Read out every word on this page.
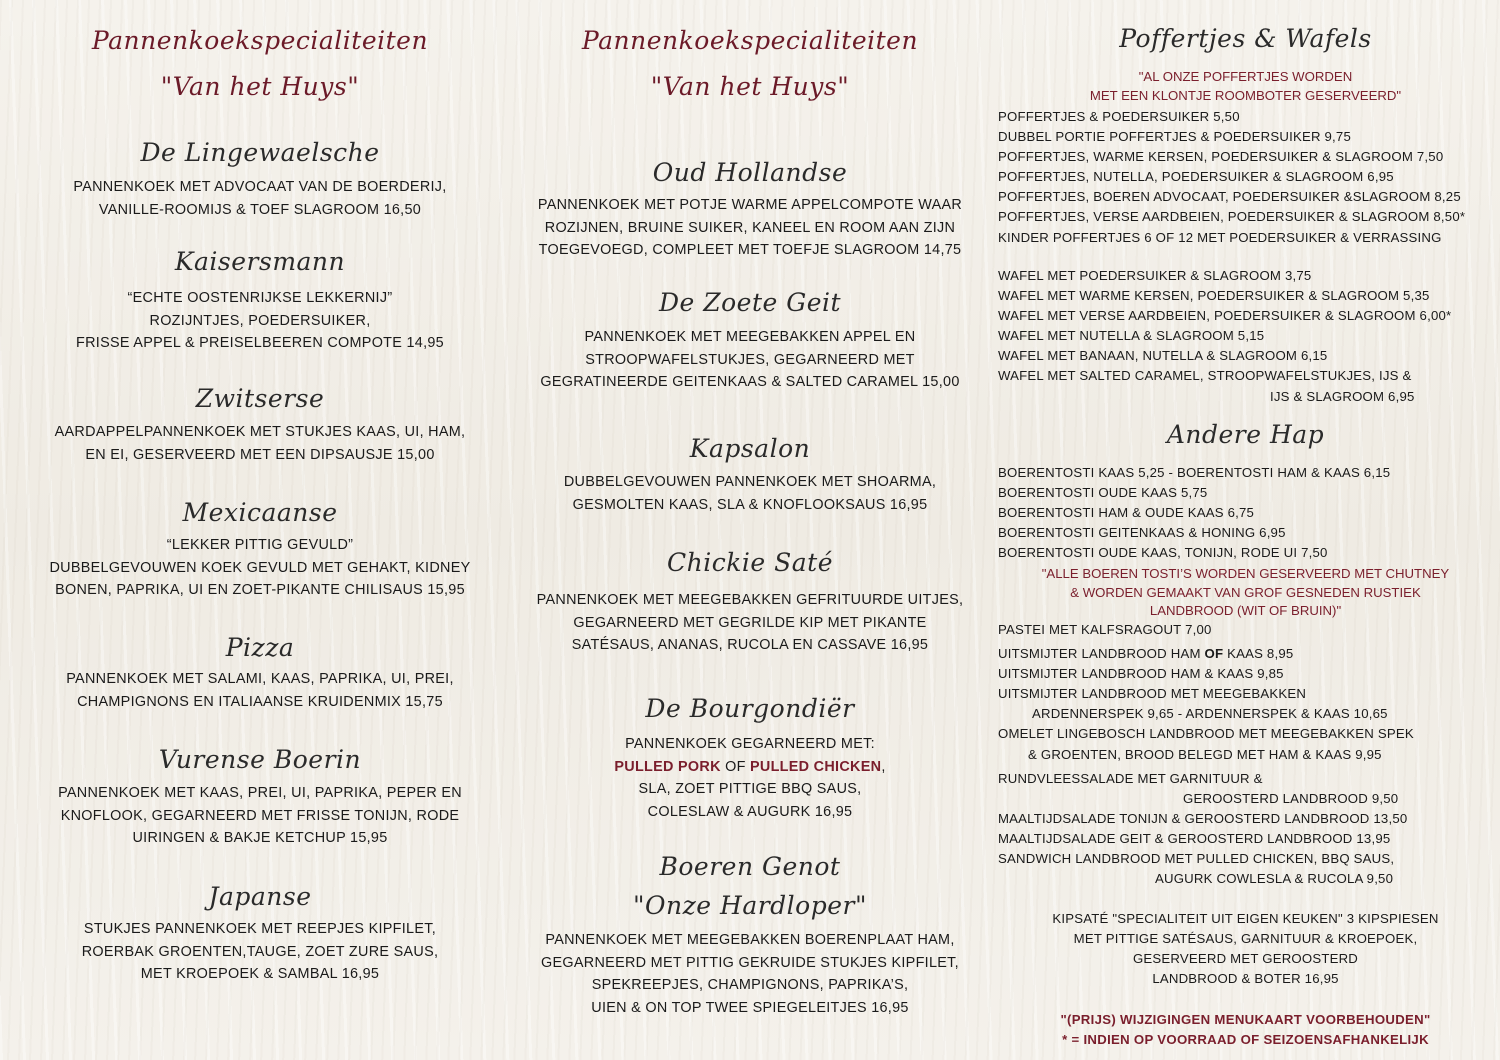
Pannenkoekspecialiteiten
"Van het Huys"
De Lingewaelsche
PANNENKOEK MET ADVOCAAT VAN DE BOERDERIJ,
VANILLE-ROOMIJS & TOEF SLAGROOM 16,50
Kaisersmann
“ECHTE OOSTENRIJKSE LEKKERNIJ”
ROZIJNTJES, POEDERSUIKER,
FRISSE APPEL & PREISELBEEREN COMPOTE 14,95
Zwitserse
AARDAPPELPANNENKOEK MET STUKJES KAAS, UI, HAM,
EN EI, GESERVEERD MET EEN DIPSAUSJE 15,00
Mexicaanse
“LEKKER PITTIG GEVULD”
DUBBELGEVOUWEN KOEK GEVULD MET GEHAKT, KIDNEY
BONEN, PAPRIKA, UI EN ZOET-PIKANTE CHILISAUS 15,95
Pizza
PANNENKOEK MET SALAMI, KAAS, PAPRIKA, UI, PREI,
CHAMPIGNONS EN ITALIAANSE KRUIDENMIX 15,75
Vurense Boerin
PANNENKOEK MET KAAS, PREI, UI, PAPRIKA, PEPER EN
KNOFLOOK, GEGARNEERD MET FRISSE TONIJN, RODE
UIRINGEN & BAKJE KETCHUP 15,95
Japanse
STUKJES PANNENKOEK MET REEPJES KIPFILET,
ROERBAK GROENTEN,TAUGE, ZOET ZURE SAUS,
MET KROEPOEK & SAMBAL 16,95
Pannenkoekspecialiteiten
"Van het Huys"
Oud Hollandse
PANNENKOEK MET POTJE WARME APPELCOMPOTE WAAR
ROZIJNEN, BRUINE SUIKER, KANEEL EN ROOM AAN ZIJN
TOEGEVOEGD, COMPLEET MET TOEFJE SLAGROOM 14,75
De Zoete Geit
PANNENKOEK MET MEEGEBAKKEN APPEL EN
STROOPWAFELSTUKJES, GEGARNEERD MET
GEGRATINEERDE GEITENKAAS & SALTED CARAMEL 15,00
Kapsalon
DUBBELGEVOUWEN PANNENKOEK MET SHOARMA,
GESMOLTEN KAAS, SLA & KNOFLOOKSAUS 16,95
Chickie Saté
PANNENKOEK MET MEEGEBAKKEN GEFRITUURDE UITJES,
GEGARNEERD MET GEGRILDE KIP MET PIKANTE
SATÉSAUS, ANANAS, RUCOLA EN CASSAVE 16,95
De Bourgondiër
PANNENKOEK GEGARNEERD MET:
PULLED PORK OF PULLED CHICKEN,
SLA, ZOET PITTIGE BBQ SAUS,
COLESLAW & AUGURK 16,95
Boeren Genot
"Onze Hardloper"
PANNENKOEK MET MEEGEBAKKEN BOERENPLAAT HAM,
GEGARNEERD MET PITTIG GEKRUIDE STUKJES KIPFILET,
SPEKREEPJES, CHAMPIGNONS, PAPRIKA’S,
UIEN & ON TOP TWEE SPIEGELEITJES 16,95
Poffertjes & Wafels
"AL ONZE POFFERTJES WORDEN
MET EEN KLONTJE ROOMBOTER GESERVEERD"
POFFERTJES & POEDERSUIKER 5,50
DUBBEL PORTIE POFFERTJES & POEDERSUIKER 9,75
POFFERTJES, WARME KERSEN, POEDERSUIKER & SLAGROOM 7,50
POFFERTJES, NUTELLA, POEDERSUIKER & SLAGROOM 6,95
POFFERTJES, BOEREN ADVOCAAT, POEDERSUIKER &SLAGROOM 8,25
POFFERTJES, VERSE AARDBEIEN, POEDERSUIKER & SLAGROOM 8,50*
KINDER POFFERTJES 6 OF 12 MET POEDERSUIKER & VERRASSING
WAFEL MET POEDERSUIKER & SLAGROOM 3,75
WAFEL MET WARME KERSEN, POEDERSUIKER & SLAGROOM 5,35
WAFEL MET VERSE AARDBEIEN, POEDERSUIKER & SLAGROOM 6,00*
WAFEL MET NUTELLA & SLAGROOM 5,15
WAFEL MET BANAAN, NUTELLA & SLAGROOM 6,15
WAFEL MET SALTED CARAMEL, STROOPWAFELSTUKJES, IJS &
IJS & SLAGROOM 6,95
Andere Hap
BOERENTOSTI KAAS 5,25 - BOERENTOSTI HAM & KAAS 6,15
BOERENTOSTI OUDE KAAS 5,75
BOERENTOSTI HAM & OUDE KAAS 6,75
BOERENTOSTI GEITENKAAS & HONING 6,95
BOERENTOSTI OUDE KAAS, TONIJN, RODE UI 7,50
"ALLE BOEREN TOSTI’S WORDEN GESERVEERD MET CHUTNEY
& WORDEN GEMAAKT VAN GROF GESNEDEN RUSTIEK
LANDBROOD (WIT OF BRUIN)"
PASTEI MET KALFSRAGOUT 7,00
UITSMIJTER LANDBROOD HAM OF KAAS 8,95
UITSMIJTER LANDBROOD HAM & KAAS 9,85
UITSMIJTER LANDBROOD MET MEEGEBAKKEN
ARDENNERSPEK 9,65 - ARDENNERSPEK & KAAS 10,65
OMELET LINGEBOSCH LANDBROOD MET MEEGEBAKKEN SPEK
& GROENTEN, BROOD BELEGD MET HAM & KAAS 9,95
RUNDVLEESSALADE MET GARNITUUR &
GEROOSTERD LANDBROOD 9,50
MAALTIJDSALADE TONIJN & GEROOSTERD LANDBROOD 13,50
MAALTIJDSALADE GEIT & GEROOSTERD LANDBROOD 13,95
SANDWICH LANDBROOD MET PULLED CHICKEN, BBQ SAUS,
AUGURK COWLESLA & RUCOLA 9,50
KIPSATÉ "SPECIALITEIT UIT EIGEN KEUKEN" 3 KIPSPIESEN
MET PITTIGE SATÉSAUS, GARNITUUR & KROEPOEK,
GESERVEERD MET GEROOSTERD
LANDBROOD & BOTER 16,95
"(PRIJS) WIJZIGINGEN MENUKAART VOORBEHOUDEN"
* = INDIEN OP VOORRAAD OF SEIZOENSAFHANKELIJK
